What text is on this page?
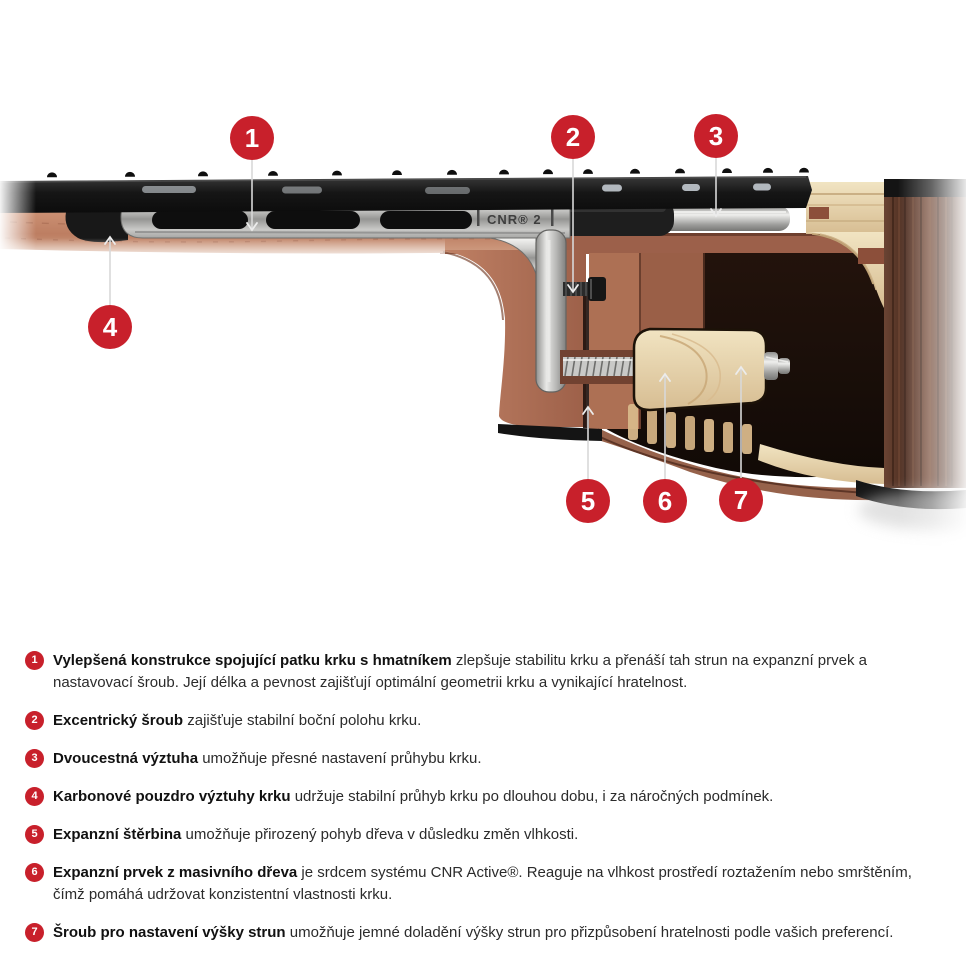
CNR® 2
1	2	3
4
5 6 7
1	Vylepšená konstrukce spojující patku krku s hmatníkem zlepšuje stabilitu krku a přenáší tah strun na expanzní prvek a nastavovací šroub. Její délka a pevnost zajišťují optimální geometrii krku a vynikající hratelnost.

2	Excentrický šroub zajišťuje stabilní boční polohu krku.

3	Dvoucestná výztuha umožňuje přesné nastavení průhybu krku.

4	Karbonové pouzdro výztuhy krku udržuje stabilní průhyb krku po dlouhou dobu, i za náročných podmínek.

5	Expanzní štěrbina umožňuje přirozený pohyb dřeva v důsledku změn vlhkosti.

6	Expanzní prvek z masivního dřeva je srdcem systému CNR Active®. Reaguje na vlhkost prostředí roztažením nebo smrštěním, čímž pomáhá udržovat konzistentní vlastnosti krku.

7	Šroub pro nastavení výšky strun umožňuje jemné doladění výšky strun pro přizpůsobení hratelnosti podle vašich preferencí.
